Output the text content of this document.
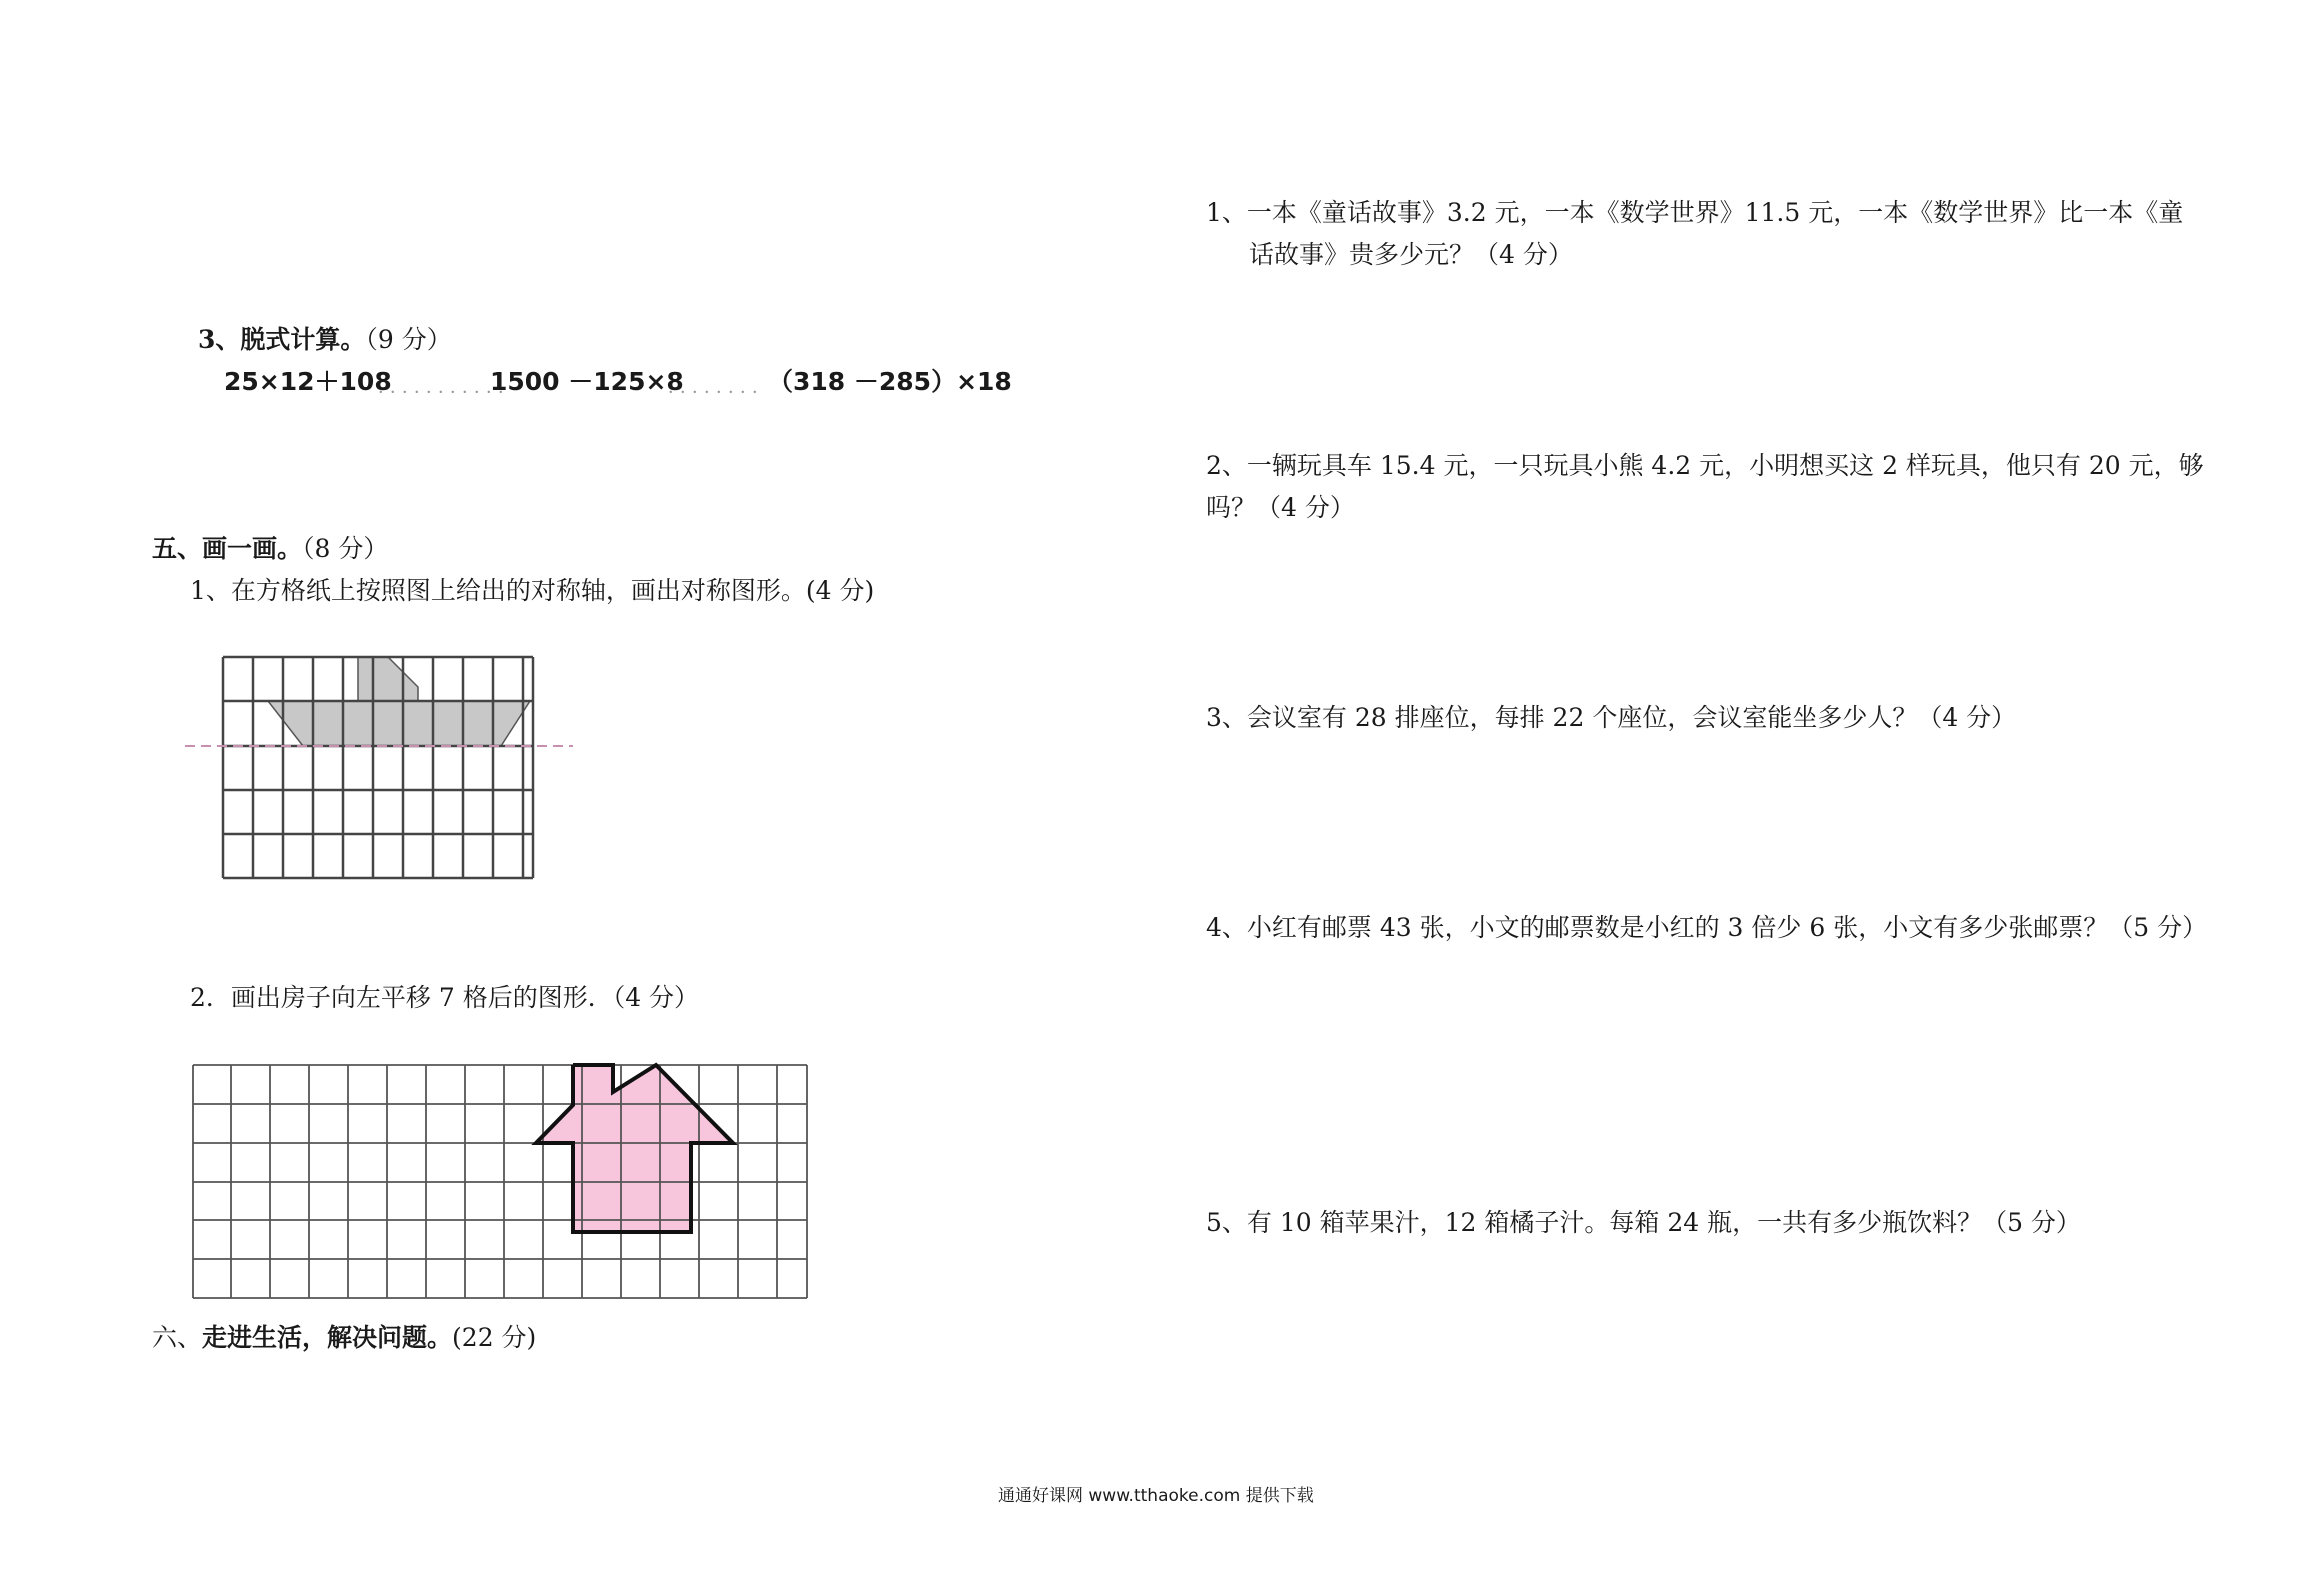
3、脱式计算。（9 分）
25×12＋108
．．．．．．．．．．．
1500 －125×8
．．．．．．．．
（318 －285）×18
五、画一画。（8 分）
1、在方格纸上按照图上给出的对称轴，画出对称图形。(4 分)
2．画出房子向左平移 7 格后的图形．（4 分）
六、走进生活，解决问题。(22 分)
1、一本《童话故事》3.2 元，一本《数学世界》11.5 元，一本《数学世界》比一本《童
话故事》贵多少元？（4 分）
2、一辆玩具车 15.4 元，一只玩具小熊 4.2 元，小明想买这 2 样玩具，他只有 20 元，够
吗？（4 分）
3、会议室有 28 排座位，每排 22 个座位，会议室能坐多少人？（4 分）
4、小红有邮票 43 张，小文的邮票数是小红的 3 倍少 6 张，小文有多少张邮票？（5 分）
5、有 10 箱苹果汁，12 箱橘子汁。每箱 24 瓶，一共有多少瓶饮料？（5 分）
通通好课网 www.tthaoke.com 提供下载
